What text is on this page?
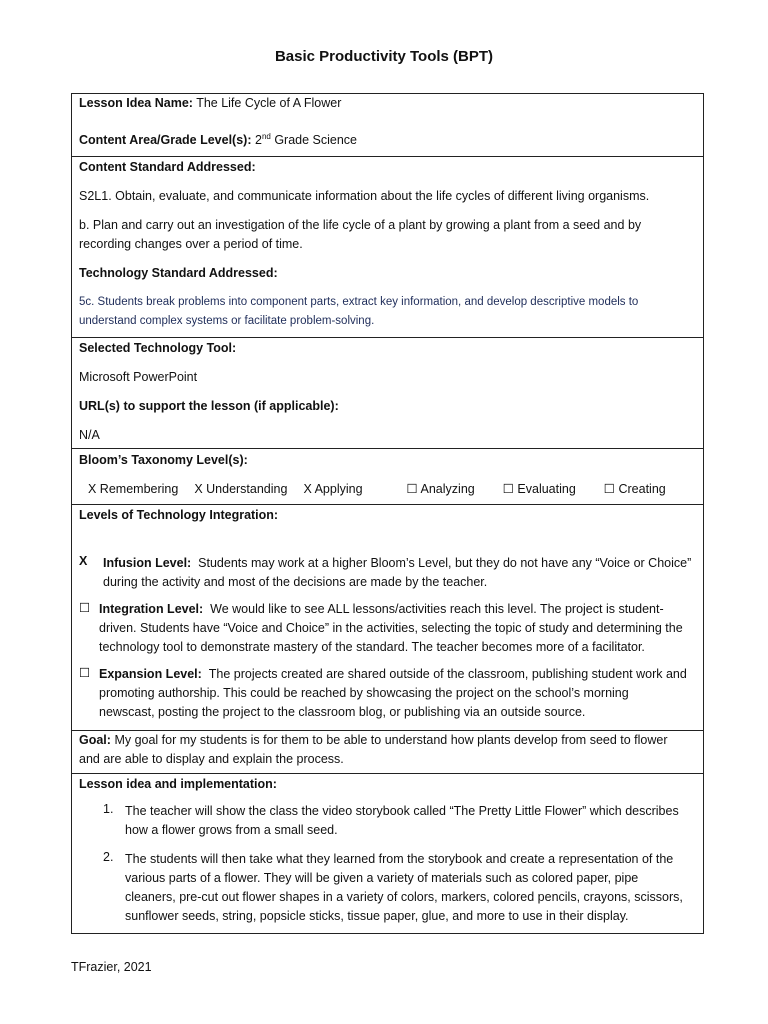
Basic Productivity Tools (BPT)
Lesson Idea Name: The Life Cycle of A Flower
Content Area/Grade Level(s): 2nd Grade Science
Content Standard Addressed:
S2L1. Obtain, evaluate, and communicate information about the life cycles of different living organisms.
b. Plan and carry out an investigation of the life cycle of a plant by growing a plant from a seed and by
recording changes over a period of time.
Technology Standard Addressed:
5c. Students break problems into component parts, extract key information, and develop descriptive models to
understand complex systems or facilitate problem-solving.
Selected Technology Tool:
Microsoft PowerPoint
URL(s) to support the lesson (if applicable):
N/A
Bloom’s Taxonomy Level(s):
X Remembering X Understanding X Applying	☐ Analyzing ☐ Evaluating ☐ Creating
Levels of Technology Integration:
X	Infusion Level: Students may work at a higher Bloom’s Level, but they do not have any “Voice or Choice”
during the activity and most of the decisions are made by the teacher.
☐ Integration Level: We would like to see ALL lessons/activities reach this level. The project is student-
driven. Students have “Voice and Choice” in the activities, selecting the topic of study and determining the
technology tool to demonstrate mastery of the standard. The teacher becomes more of a facilitator.
☐ Expansion Level: The projects created are shared outside of the classroom, publishing student work and
promoting authorship. This could be reached by showcasing the project on the school’s morning
newscast, posting the project to the classroom blog, or publishing via an outside source.
Goal: My goal for my students is for them to be able to understand how plants develop from seed to flower
and are able to display and explain the process.
Lesson idea and implementation:
1. The teacher will show the class the video storybook called “The Pretty Little Flower” which describes
how a flower grows from a small seed.
2. The students will then take what they learned from the storybook and create a representation of the
various parts of a flower. They will be given a variety of materials such as colored paper, pipe
cleaners, pre-cut out flower shapes in a variety of colors, markers, colored pencils, crayons, scissors,
sunflower seeds, string, popsicle sticks, tissue paper, glue, and more to use in their display.
TFrazier, 2021
